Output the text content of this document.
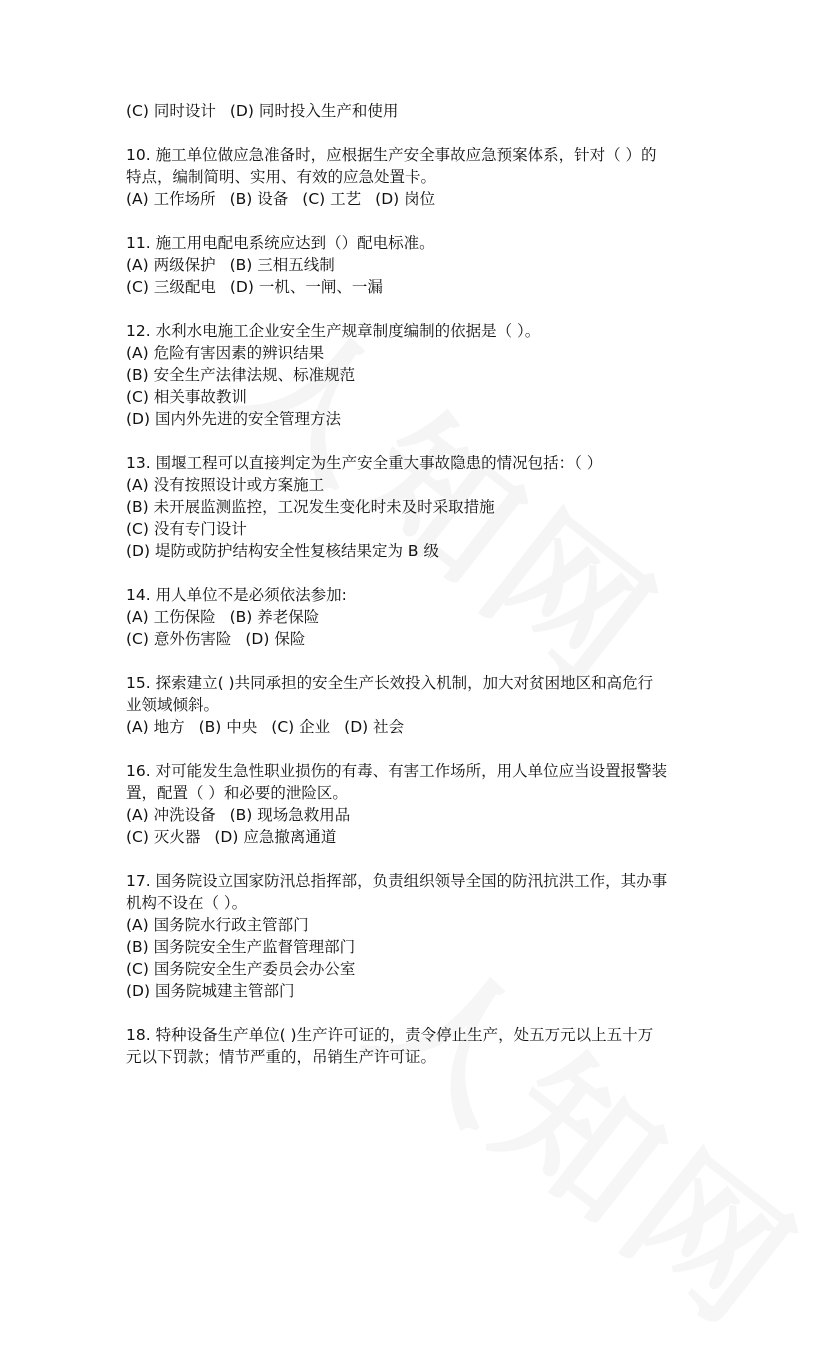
(C) 同时设计 (D) 同时投入生产和使用

10. 施工单位做应急准备时，应根据生产安全事故应急预案体系，针对（ ）的

特点，编制简明、实用、有效的应急处置卡。

(A) 工作场所 (B) 设备 (C) 工艺 (D) 岗位

11. 施工用电配电系统应达到（）配电标准。

(A) 两级保护 (B) 三相五线制

(C) 三级配电 (D) 一机、一闸、一漏

12. 水利水电施工企业安全生产规章制度编制的依据是（ ）。

(A) 危险有害因素的辨识结果

(B) 安全生产法律法规、标准规范

(C) 相关事故教训

(D) 国内外先进的安全管理方法

13. 围堰工程可以直接判定为生产安全重大事故隐患的情况包括：（ ）

(A) 没有按照设计或方案施工

(B) 未开展监测监控，工况发生变化时未及时采取措施

(C) 没有专门设计

(D) 堤防或防护结构安全性复核结果定为 B 级

14. 用人单位不是必须依法参加:

(A) 工伤保险 (B) 养老保险

(C) 意外伤害险 (D) 保险

15. 探索建立( )共同承担的安全生产长效投入机制，加大对贫困地区和高危行

业领域倾斜。

(A) 地方 (B) 中央 (C) 企业 (D) 社会

16. 对可能发生急性职业损伤的有毒、有害工作场所，用人单位应当设置报警装

置，配置（ ）和必要的泄险区。

(A) 冲洗设备 (B) 现场急救用品

(C) 灭火器 (D) 应急撤离通道

17. 国务院设立国家防汛总指挥部，负责组织领导全国的防汛抗洪工作，其办事

机构不设在（ ）。

(A) 国务院水行政主管部门

(B) 国务院安全生产监督管理部门

(C) 国务院安全生产委员会办公室

(D) 国务院城建主管部门

18. 特种设备生产单位( )生产许可证的，责令停止生产，处五万元以上五十万

元以下罚款；情节严重的，吊销生产许可证。
